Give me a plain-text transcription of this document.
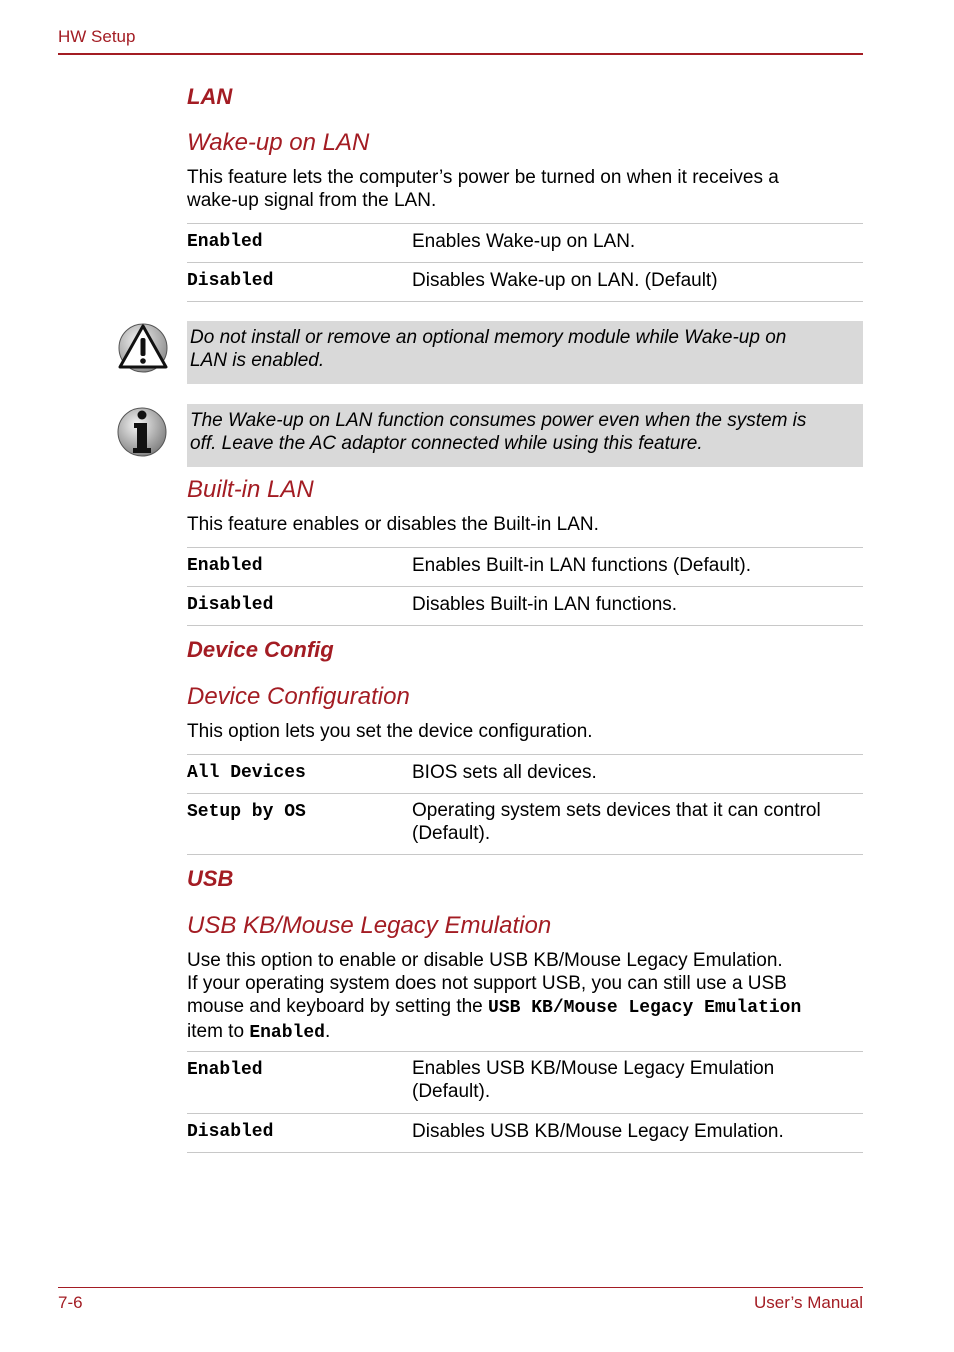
HW Setup
LAN
Wake-up on LAN
This feature lets the computer’s power be turned on when it receives a
wake-up signal from the LAN.
Enabled	Enables Wake-up on LAN.
Disabled	Disables Wake-up on LAN. (Default)
Do not install or remove an optional memory module while Wake-up on
LAN is enabled.
The Wake-up on LAN function consumes power even when the system is
off. Leave the AC adaptor connected while using this feature.
Built-in LAN
This feature enables or disables the Built-in LAN.
Enabled	Enables Built-in LAN functions (Default).
Disabled	Disables Built-in LAN functions.
Device Config
Device Configuration
This option lets you set the device configuration.
All Devices	BIOS sets all devices.
Setup by OS	Operating system sets devices that it can control
(Default).
USB
USB KB/Mouse Legacy Emulation
Use this option to enable or disable USB KB/Mouse Legacy Emulation.
If your operating system does not support USB, you can still use a USB
mouse and keyboard by setting the USB KB/Mouse Legacy Emulation
item to Enabled.
Enabled	Enables USB KB/Mouse Legacy Emulation
(Default).
Disabled	Disables USB KB/Mouse Legacy Emulation.
7-6	User’s Manual
